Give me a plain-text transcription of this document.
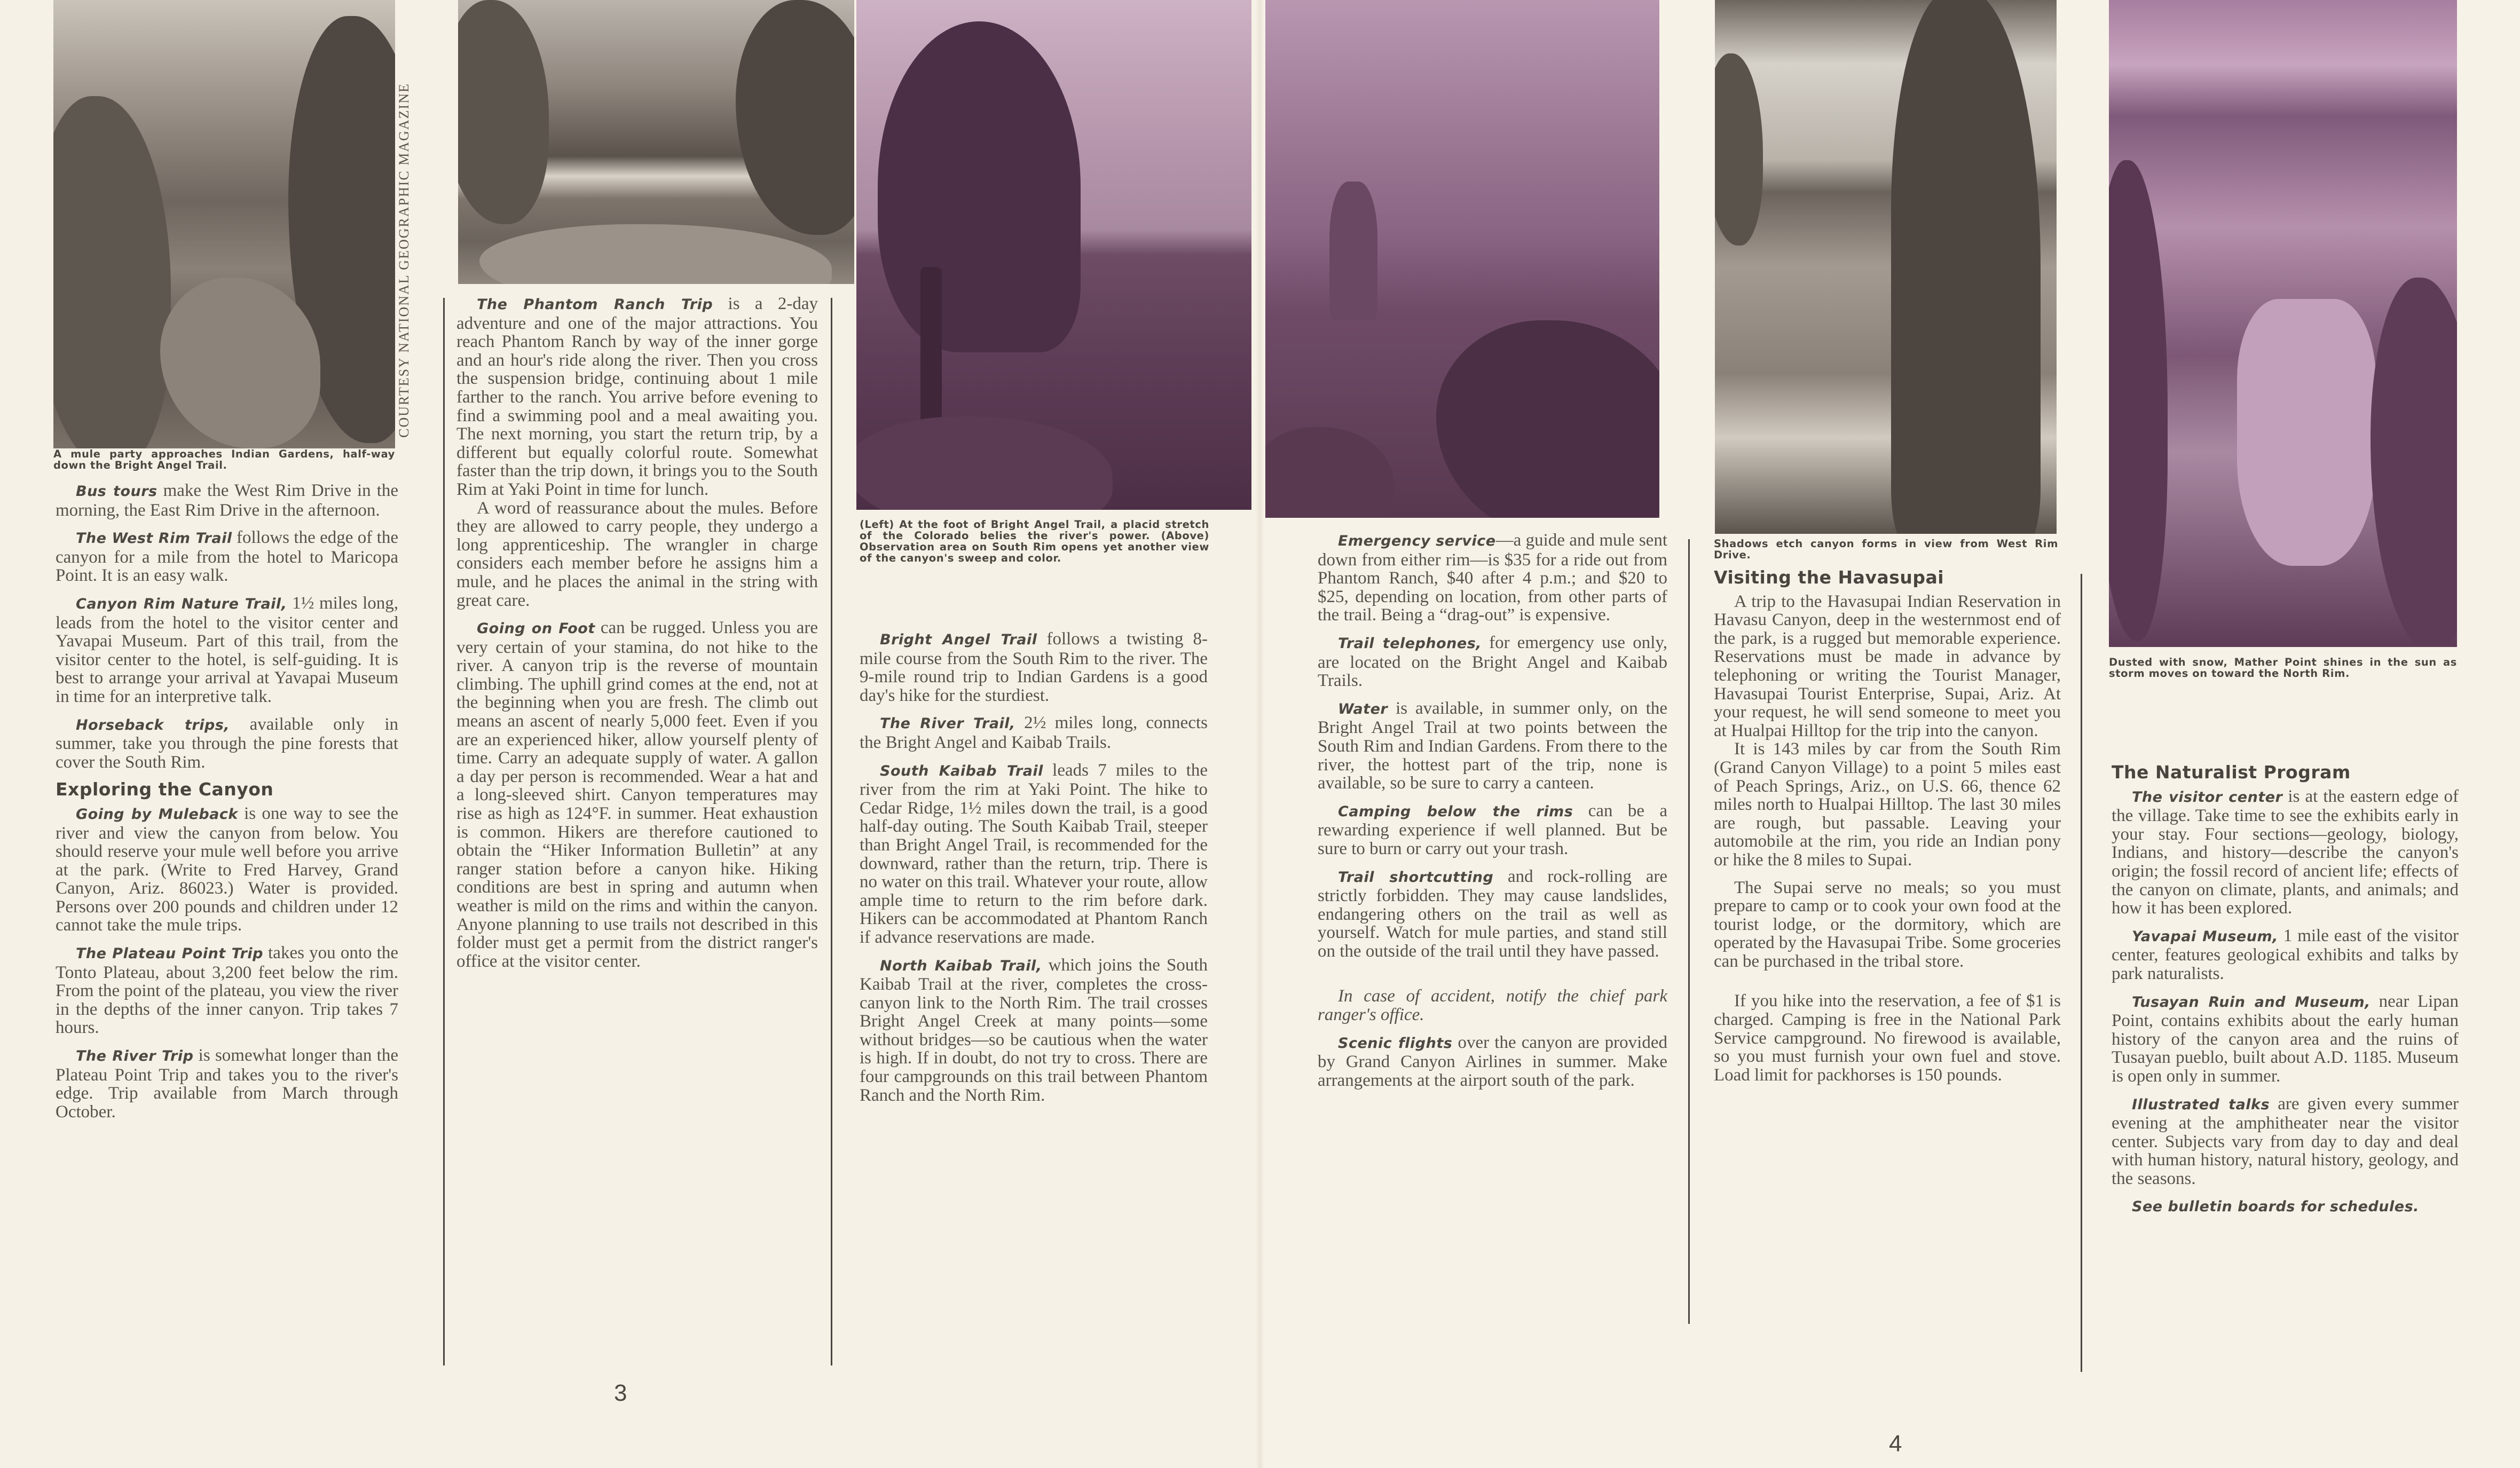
COURTESY NATIONAL GEOGRAPHIC MAGAZINE
A mule party approaches Indian Gardens, half-way down the Bright Angel Trail.
(Left) At the foot of Bright Angel Trail, a placid stretch of the Colorado belies the river's power. (Above) Observation area on South Rim opens yet another view of the canyon's sweep and color.
Shadows etch canyon forms in view from West Rim Drive.
Dusted with snow, Mather Point shines in the sun as storm moves on toward the North Rim.

Bus tours make the West Rim Drive in the morning, the East Rim Drive in the afternoon.

The West Rim Trail follows the edge of the canyon for a mile from the hotel to Maricopa Point. It is an easy walk.

Canyon Rim Nature Trail, 1½ miles long, leads from the hotel to the visitor center and Yavapai Museum. Part of this trail, from the visitor center to the hotel, is self-guiding. It is best to arrange your arrival at Yavapai Museum in time for an interpretive talk.

Horseback trips, available only in summer, take you through the pine forests that cover the South Rim.

Exploring the Canyon

Going by Muleback is one way to see the river and view the canyon from below. You should reserve your mule well before you arrive at the park. (Write to Fred Harvey, Grand Canyon, Ariz. 86023.) Water is provided. Persons over 200 pounds and children under 12 cannot take the mule trips.

The Plateau Point Trip takes you onto the Tonto Plateau, about 3,200 feet below the rim. From the point of the plateau, you view the river in the depths of the inner canyon. Trip takes 7 hours.

The River Trip is somewhat longer than the Plateau Point Trip and takes you to the river's edge. Trip available from March through October.

The Phantom Ranch Trip is a 2-day adventure and one of the major attractions. You reach Phantom Ranch by way of the inner gorge and an hour's ride along the river. Then you cross the suspension bridge, continuing about 1 mile farther to the ranch. You arrive before evening to find a swimming pool and a meal awaiting you. The next morning, you start the return trip, by a different but equally colorful route. Somewhat faster than the trip down, it brings you to the South Rim at Yaki Point in time for lunch.

A word of reassurance about the mules. Before they are allowed to carry people, they undergo a long apprenticeship. The wrangler in charge considers each member before he assigns him a mule, and he places the animal in the string with great care.

Going on Foot can be rugged. Unless you are very certain of your stamina, do not hike to the river. A canyon trip is the reverse of mountain climbing. The uphill grind comes at the end, not at the beginning when you are fresh. The climb out means an ascent of nearly 5,000 feet. Even if you are an experienced hiker, allow yourself plenty of time. Carry an adequate supply of water. A gallon a day per person is recommended. Wear a hat and a long-sleeved shirt. Canyon temperatures may rise as high as 124°F. in summer. Heat exhaustion is common. Hikers are therefore cautioned to obtain the “Hiker Information Bulletin” at any ranger station before a canyon hike. Hiking conditions are best in spring and autumn when weather is mild on the rims and within the canyon. Anyone planning to use trails not described in this folder must get a permit from the district ranger's office at the visitor center.

Bright Angel Trail follows a twisting 8-mile course from the South Rim to the river. The 9-mile round trip to Indian Gardens is a good day's hike for the sturdiest.

The River Trail, 2½ miles long, connects the Bright Angel and Kaibab Trails.

South Kaibab Trail leads 7 miles to the river from the rim at Yaki Point. The hike to Cedar Ridge, 1½ miles down the trail, is a good half-day outing. The South Kaibab Trail, steeper than Bright Angel Trail, is recommended for the downward, rather than the return, trip. There is no water on this trail. Whatever your route, allow ample time to return to the rim before dark. Hikers can be accommodated at Phantom Ranch if advance reservations are made.

North Kaibab Trail, which joins the South Kaibab Trail at the river, completes the cross-canyon link to the North Rim. The trail crosses Bright Angel Creek at many points—some without bridges—so be cautious when the water is high. If in doubt, do not try to cross. There are four campgrounds on this trail between Phantom Ranch and the North Rim.

3

Emergency service—a guide and mule sent down from either rim—is $35 for a ride out from Phantom Ranch, $40 after 4 p.m.; and $20 to $25, depending on location, from other parts of the trail. Being a “drag-out” is expensive.

Trail telephones, for emergency use only, are located on the Bright Angel and Kaibab Trails.

Water is available, in summer only, on the Bright Angel Trail at two points between the South Rim and Indian Gardens. From there to the river, the hottest part of the trip, none is available, so be sure to carry a canteen.

Camping below the rims can be a rewarding experience if well planned. But be sure to burn or carry out your trash.

Trail shortcutting and rock-rolling are strictly forbidden. They may cause landslides, endangering others on the trail as well as yourself. Watch for mule parties, and stand still on the outside of the trail until they have passed.

In case of accident, notify the chief park ranger's office.

Scenic flights over the canyon are provided by Grand Canyon Airlines in summer. Make arrangements at the airport south of the park.

Visiting the Havasupai

A trip to the Havasupai Indian Reservation in Havasu Canyon, deep in the westernmost end of the park, is a rugged but memorable experience. Reservations must be made in advance by telephoning or writing the Tourist Manager, Havasupai Tourist Enterprise, Supai, Ariz. At your request, he will send someone to meet you at Hualpai Hilltop for the trip into the canyon.

It is 143 miles by car from the South Rim (Grand Canyon Village) to a point 5 miles east of Peach Springs, Ariz., on U.S. 66, thence 62 miles north to Hualpai Hilltop. The last 30 miles are rough, but passable. Leaving your automobile at the rim, you ride an Indian pony or hike the 8 miles to Supai.

The Supai serve no meals; so you must prepare to camp or to cook your own food at the tourist lodge, or the dormitory, which are operated by the Havasupai Tribe. Some groceries can be purchased in the tribal store.

If you hike into the reservation, a fee of $1 is charged. Camping is free in the National Park Service campground. No firewood is available, so you must furnish your own fuel and stove. Load limit for packhorses is 150 pounds.

4
The Naturalist Program

The visitor center is at the eastern edge of the village. Take time to see the exhibits early in your stay. Four sections—geology, biology, Indians, and history—describe the canyon's origin; the fossil record of ancient life; effects of the canyon on climate, plants, and animals; and how it has been explored.

Yavapai Museum, 1 mile east of the visitor center, features geological exhibits and talks by park naturalists.

Tusayan Ruin and Museum, near Lipan Point, contains exhibits about the early human history of the canyon area and the ruins of Tusayan pueblo, built about A.D. 1185. Museum is open only in summer.

Illustrated talks are given every summer evening at the amphitheater near the visitor center. Subjects vary from day to day and deal with human history, natural history, geology, and the seasons.

See bulletin boards for schedules.
